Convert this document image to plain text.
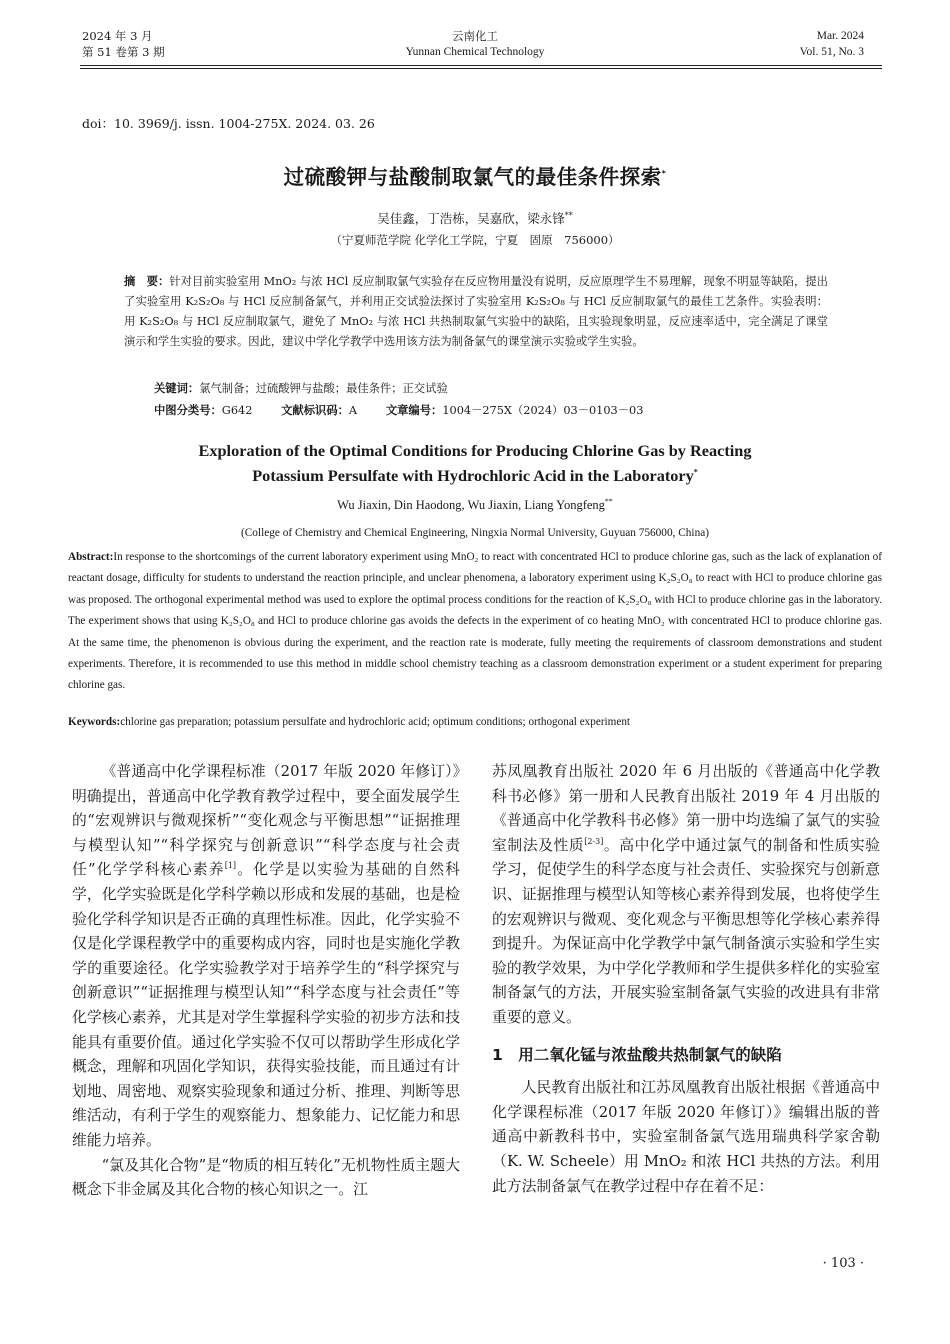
2024 年 3 月
第 51 卷第 3 期
云南化工
Yunnan Chemical Technology
Mar. 2024
Vol. 51, No. 3
doi：10. 3969/j. issn. 1004-275X. 2024. 03. 26
过硫酸钾与盐酸制取氯气的最佳条件探索*
吴佳鑫，丁浩栋，吴嘉欣，梁永锋**
（宁夏师范学院 化学化工学院，宁夏　固原　756000）
摘　要：针对目前实验室用 MnO₂ 与浓 HCl 反应制取氯气实验存在反应物用量没有说明，反应原理学生不易理解，现象不明显等缺陷，提出了实验室用 K₂S₂O₈ 与 HCl 反应制备氯气，并利用正交试验法探讨了实验室用 K₂S₂O₈ 与 HCl 反应制取氯气的最佳工艺条件。实验表明：用 K₂S₂O₈ 与 HCl 反应制取氯气，避免了 MnO₂ 与浓 HCl 共热制取氯气实验中的缺陷，且实验现象明显，反应速率适中，完全满足了课堂演示和学生实验的要求。因此，建议中学化学教学中选用该方法为制备氯气的课堂演示实验或学生实验。
关键词：氯气制备；过硫酸钾与盐酸；最佳条件；正交试验
中图分类号：G642	文献标识码：A	文章编号：1004－275X（2024）03－0103－03
Exploration of the Optimal Conditions for Producing Chlorine Gas by Reacting
Potassium Persulfate with Hydrochloric Acid in the Laboratory*
Wu Jiaxin, Din Haodong, Wu Jiaxin, Liang Yongfeng**
(College of Chemistry and Chemical Engineering, Ningxia Normal University, Guyuan 756000, China)
Abstract:In response to the shortcomings of the current laboratory experiment using MnO₂ to react with concentrated HCl to produce chlorine gas, such as the lack of explanation of reactant dosage, difficulty for students to understand the reaction principle, and unclear phenomena, a laboratory experiment using K₂S₂O₈ to react with HCl to produce chlorine gas was proposed. The orthogonal experimental method was used to explore the optimal process conditions for the reaction of K₂S₂O₈ with HCl to produce chlorine gas in the laboratory. The experiment shows that using K₂S₂O₈ and HCl to produce chlorine gas avoids the defects in the experiment of co heating MnO₂ with concentrated HCl to produce chlorine gas. At the same time, the phenomenon is obvious during the experiment, and the reaction rate is moderate, fully meeting the requirements of classroom demonstrations and student experiments. Therefore, it is recommended to use this method in middle school chemistry teaching as a classroom demonstration experiment or a student experiment for preparing chlorine gas.
Keywords:chlorine gas preparation; potassium persulfate and hydrochloric acid; optimum conditions; orthogonal experiment

《普通高中化学课程标准（2017 年版 2020 年修订）》明确提出，普通高中化学教育教学过程中，要全面发展学生的“宏观辨识与微观探析”“变化观念与平衡思想”“证据推理与模型认知”“科学探究与创新意识”“科学态度与社会责任”化学学科核心素养[1]。化学是以实验为基础的自然科学，化学实验既是化学科学赖以形成和发展的基础，也是检验化学科学知识是否正确的真理性标准。因此，化学实验不仅是化学课程教学中的重要构成内容，同时也是实施化学教学的重要途径。化学实验教学对于培养学生的“科学探究与创新意识”“证据推理与模型认知”“科学态度与社会责任”等化学核心素养，尤其是对学生掌握科学实验的初步方法和技能具有重要价值。通过化学实验不仅可以帮助学生形成化学概念，理解和巩固化学知识，获得实验技能，而且通过有计划地、周密地、观察实验现象和通过分析、推理、判断等思维活动，有利于学生的观察能力、想象能力、记忆能力和思维能力培养。

“氯及其化合物”是“物质的相互转化”无机物性质主题大概念下非金属及其化合物的核心知识之一。江

苏凤凰教育出版社 2020 年 6 月出版的《普通高中化学教科书必修》第一册和人民教育出版社 2019 年 4 月出版的《普通高中化学教科书必修》第一册中均选编了氯气的实验室制法及性质[2-3]。高中化学中通过氯气的制备和性质实验学习，促使学生的科学态度与社会责任、实验探究与创新意识、证据推理与模型认知等核心素养得到发展，也将使学生的宏观辨识与微观、变化观念与平衡思想等化学核心素养得到提升。为保证高中化学教学中氯气制备演示实验和学生实验的教学效果，为中学化学教师和学生提供多样化的实验室制备氯气的方法，开展实验室制备氯气实验的改进具有非常重要的意义。

1　用二氧化锰与浓盐酸共热制氯气的缺陷

人民教育出版社和江苏凤凰教育出版社根据《普通高中化学课程标准（2017 年版 2020 年修订）》编辑出版的普通高中新教科书中，实验室制备氯气选用瑞典科学家舍勒（K. W. Scheele）用 MnO₂ 和浓 HCl 共热的方法。利用此方法制备氯气在教学过程中存在着不足：

· 103 ·
